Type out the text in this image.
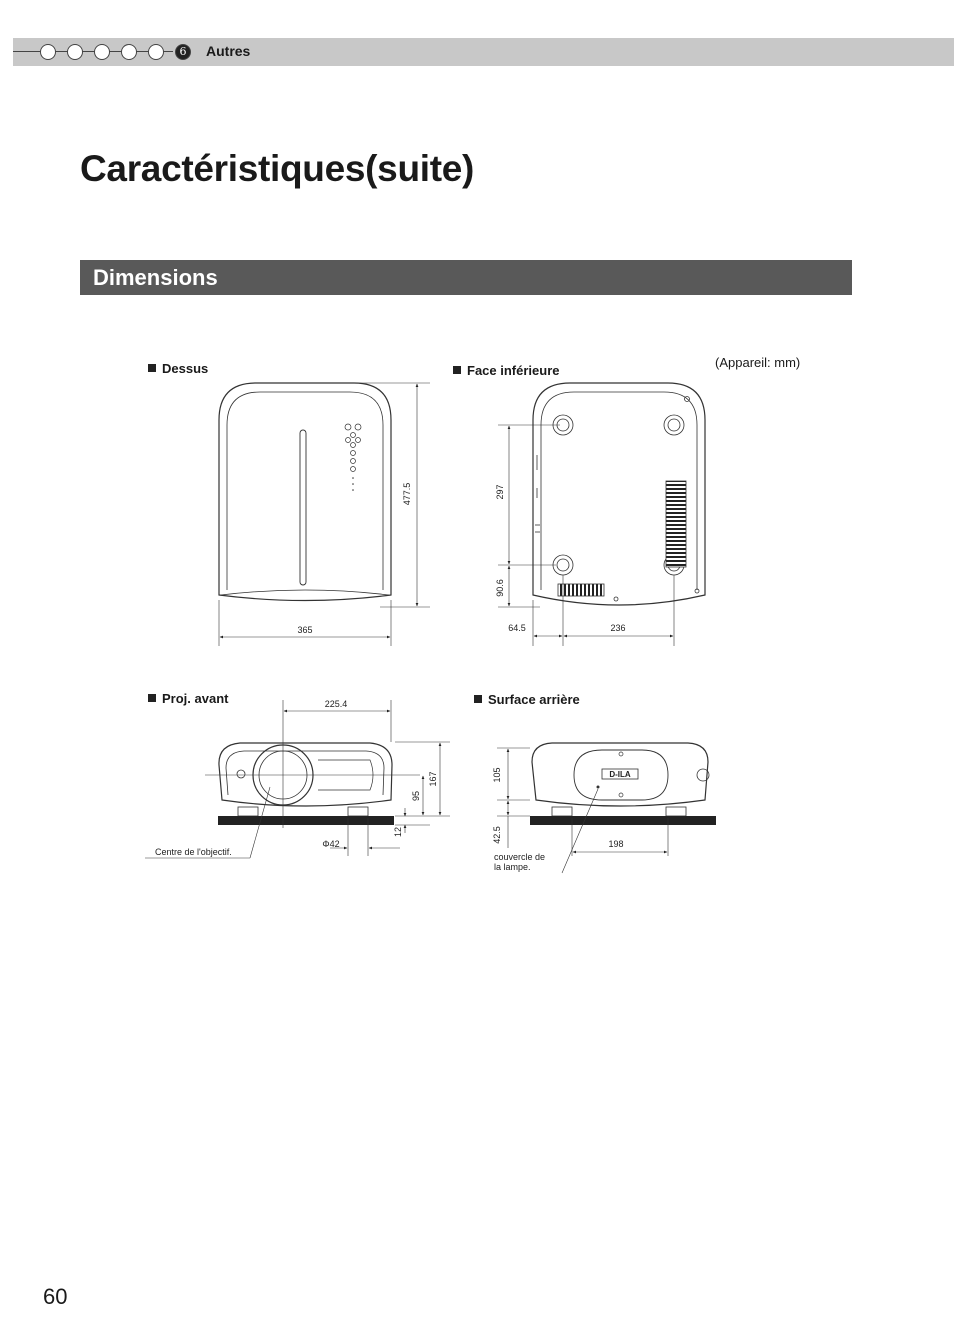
6	Autres
Caractéristiques(suite)
Dimensions
(Appareil: mm)
Dessus	Face inférieure
Proj. avant	Surface arrière
365
477.5	297
90.6
64.5	236
225.4
167
95
12
Φ42
Centre de l'objectif.
D-ILA
105
42.5
198
couvercle de
la lampe.
60
